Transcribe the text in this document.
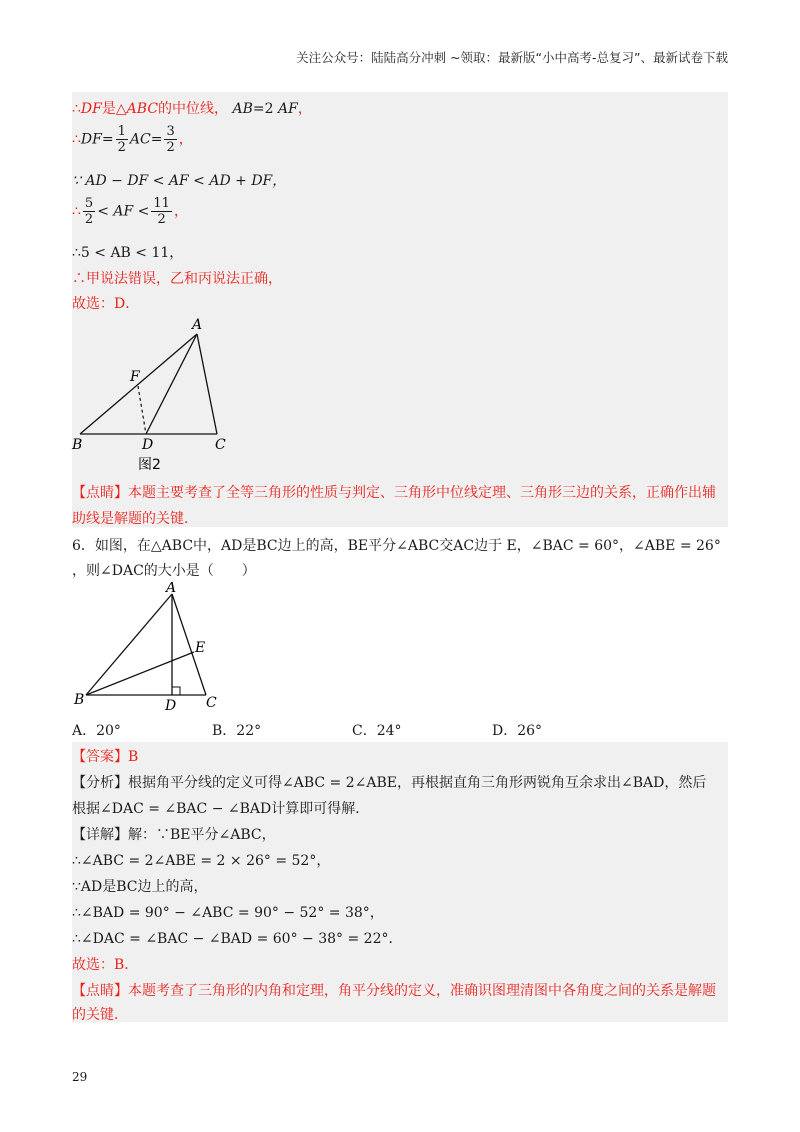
关注公众号：陆陆高分冲刺 ~领取：最新版“小中高考-总复习”、最新试卷下载
∴DF是△ABC的中位线， AB=2 AF，
∴DF= $\frac{1}{2} AC= \frac{3}{2}$ ，
∵ AD − DF < AF < AD + DF，
∴ $\frac{5}{2}$ < AF < $\frac{11}{2}$ ，
∴5 < AB < 11，
∴甲说法错误，乙和丙说法正确，
故选：D．
A
F
B	D	C
图2
【点睛】本题主要考查了全等三角形的性质与判定、三角形中位线定理、三角形三边的关系，正确作出辅助线是解题的关键．
6．如图，在△ABC中，AD是BC边上的高，BE平分∠ABC交AC边于 E，∠BAC = 60°，∠ABE = 26°
，则∠DAC的大小是（　　）
A
E
B	D C
A．20°	B．22°	C．24°	D．26°
【答案】B
【分析】根据角平分线的定义可得∠ABC = 2∠ABE，再根据直角三角形两锐角互余求出∠BAD，然后
根据∠DAC = ∠BAC − ∠BAD计算即可得解．
【详解】解：∵BE平分∠ABC，
∴∠ABC = 2∠ABE = 2 × 26° = 52°，
∵AD是BC边上的高，
∴∠BAD = 90° − ∠ABC = 90° − 52° = 38°，
∴∠DAC = ∠BAC − ∠BAD = 60° − 38° = 22°．
故选：B．
【点睛】本题考查了三角形的内角和定理，角平分线的定义，准确识图理清图中各角度之间的关系是解题
的关键．
29
